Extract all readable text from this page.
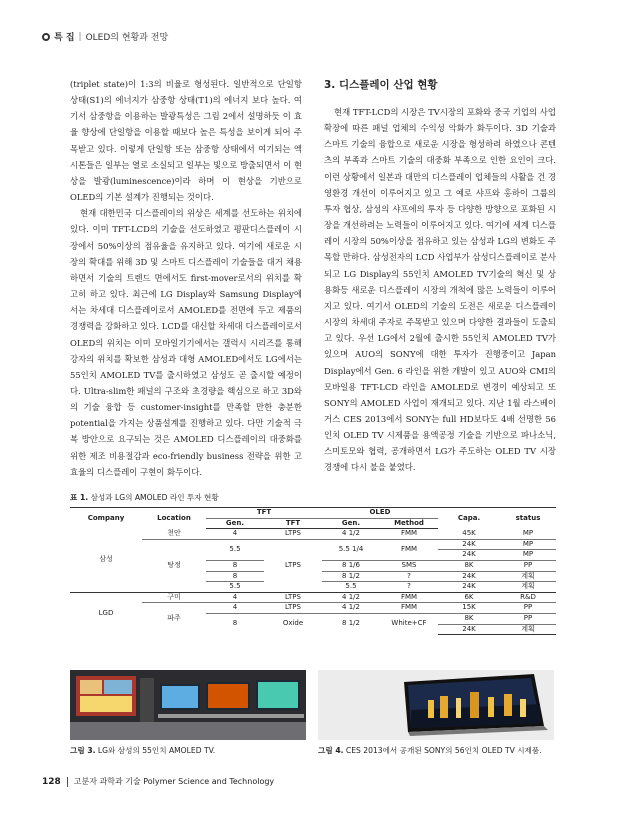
특 집 | OLED의 현황과 전망

(triplet state)이 1:3의 비율로 형성된다. 일반적으로 단일항 상태(S1)의 에너지가 삼중항 상태(T1)의 에너지 보다 높다. 여기서 삼중항을 이용하는 발광특성은 그림 2에서 설명하듯 이 효율 향상에 단일항을 이용할 때보다 높은 특성을 보이게 되어 주목받고 있다. 이렇게 단일항 또는 삼중항 상태에서 여기되는 엑시톤들은 일부는 열로 소실되고 일부는 빛으로 방출되면서 이 현상을 발광(luminescence)이라 하며 이 현상을 기반으로 OLED의 기본 설계가 진행되는 것이다.

현재 대한민국 디스플레이의 위상은 세계를 선도하는 위치에 있다. 이미 TFT-LCD의 기술을 선도하였고 평판디스플레이 시장에서 50%이상의 점유율을 유지하고 있다. 여기에 새로운 시장의 확대를 위해 3D 및 스마트 디스플레이 기술들을 대거 채용하면서 기술의 트렌드 면에서도 first-mover로서의 위치를 확고히 하고 있다. 최근에 LG Display와 Samsung Display에서는 차세대 디스플레이로서 AMOLED를 전면에 두고 제품의 경쟁력을 강화하고 있다. LCD를 대신할 차세대 디스플레이로서 OLED의 위치는 이미 모바일기기에서는 갤럭시 시리즈를 통해 강자의 위치를 확보한 삼성과 대형 AMOLED에서도 LG에서는 55인치 AMOLED TV를 출시하였고 삼성도 곧 출시할 예정이다. Ultra-slim한 패널의 구조와 초경량을 핵심으로 하고 3D와의 기술 융합 등 customer-insight를 만족할 만한 충분한 potential을 가지는 상품설계를 진행하고 있다. 다만 기술적 극복 방안으로 요구되는 것은 AMOLED 디스플레이의 대중화를 위한 제조 비용절감과 eco-friendly business 전략을 위한 고효율의 디스플레이 구현이 화두이다.

3. 디스플레이 산업 현황

현재 TFT-LCD의 시장은 TV시장의 포화와 중국 기업의 사업 확장에 따른 패널 업체의 수익성 악화가 화두이다. 3D 기술과 스마트 기술의 융합으로 새로운 시장을 형성하려 하였으나 콘텐츠의 부족과 스마트 기술의 대중화 부족으로 인한 요인이 크다. 이런 상황에서 일본과 대만의 디스플레이 업체들의 사활을 건 경영환경 개선이 이루어지고 있고 그 예로 샤프와 홍하이 그룹의 투자 협상, 삼성의 샤프에의 투자 등 다양한 방향으로 포화된 시장을 개선하려는 노력들이 이루어지고 있다. 여기에 세계 디스플레이 시장의 50%이상을 점유하고 있는 삼성과 LG의 변화도 주목할 만하다. 삼성전자의 LCD 사업부가 삼성디스플레이로 분사되고 LG Display의 55인치 AMOLED TV기술의 혁신 및 상용화등 새로운 디스플레이 시장의 개척에 많은 노력들이 이루어지고 있다. 여기서 OLED의 기술의 도전은 새로운 디스플레이 시장의 차세대 주자로 주목받고 있으며 다양한 결과들이 도출되고 있다. 우선 LG에서 2월에 출시한 55인치 AMOLED TV가 있으며 AUO의 SONY에 대한 투자가 진행중이고 Japan Display에서 Gen. 6 라인을 위한 개발이 있고 AUO와 CMI의 모바일용 TFT-LCD 라인을 AMOLED로 변경이 예상되고 또 SONY의 AMOLED 사업이 재개되고 있다. 지난 1월 라스베이거스 CES 2013에서 SONY는 full HD보다도 4배 선명한 56인치 OLED TV 시제품을 용액공정 기술을 기반으로 파나소닉, 스미토모와 협력, 공개하면서 LG가 주도하는 OLED TV 시장 경쟁에 다시 불을 붙였다.

표 1. 삼성과 LG의 AMOLED 라인 투자 현황
Company	Location	TFT		OLED		Capa.	status
		Gen.	TFT	Gen.	Method		
삼성	천안	4	LTPS	4 1/2	FMM	45K	MP
	탕정	5.5	LTPS	5.5 1/4	FMM	24K	MP
						24K	MP
		8		8 1/6	SMS	8K	PP
		8		8 1/2	?	24K	계획
		5.5		5.5	?	24K	계획
LGD	구미	4	LTPS	4 1/2	FMM	6K	R&D
	파주	4	LTPS	4 1/2	FMM	15K	PP
		8	Oxide	8 1/2	White+CF	8K	PP
						24K	계획
그림 3. LG와 삼성의 55인치 AMOLED TV.	그림 4. CES 2013에서 공개된 SONY의 56인치 OLED TV 시제품.
128 고분자 과학과 기술 Polymer Science and Technology
